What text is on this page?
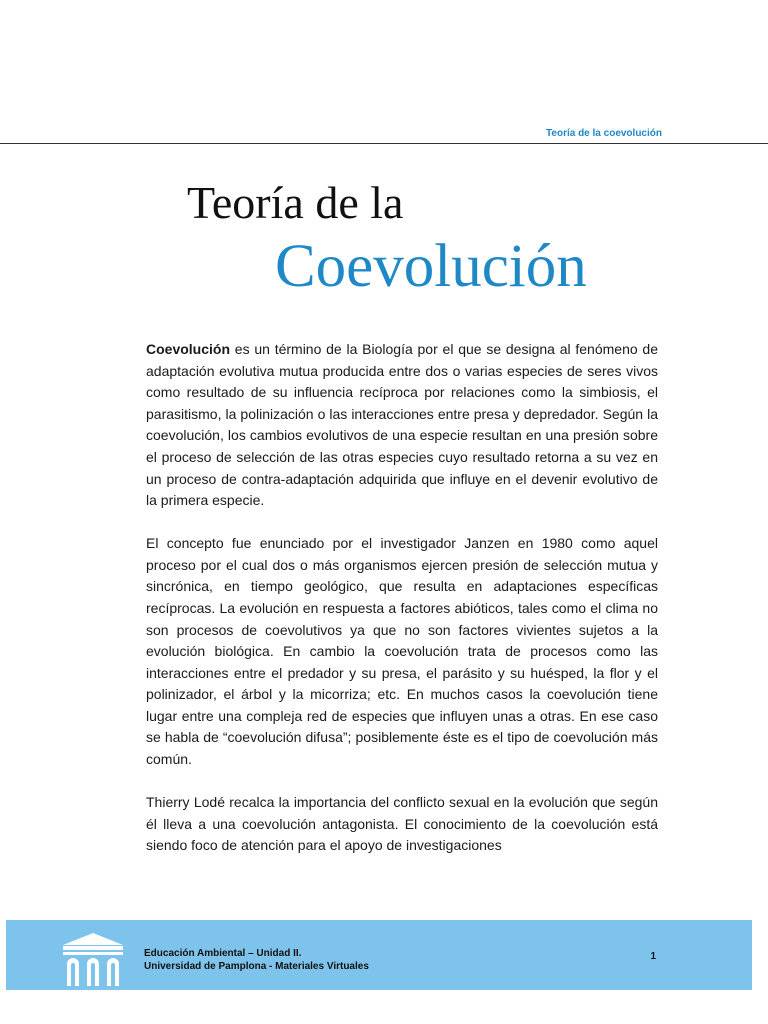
Teoría de la coevolución
Teoría de la
Coevolución

Coevolución es un término de la Biología por el que se designa al fenómeno de adaptación evolutiva mutua producida entre dos o varias especies de seres vivos como resultado de su influencia recíproca por relaciones como la simbiosis, el parasitismo, la polinización o las interacciones entre presa y depredador. Según la coevolución, los cambios evolutivos de una especie resultan en una presión sobre el proceso de selección de las otras especies cuyo resultado retorna a su vez en un proceso de contra-adaptación adquirida que influye en el devenir evolutivo de la primera especie.

El concepto fue enunciado por el investigador Janzen en 1980 como aquel proceso por el cual dos o más organismos ejercen presión de selección mutua y sincrónica, en tiempo geológico, que resulta en adaptaciones específicas recíprocas. La evolución en respuesta a factores abióticos, tales como el clima no son procesos de coevolutivos ya que no son factores vivientes sujetos a la evolución biológica. En cambio la coevolución trata de procesos como las interacciones entre el predador y su presa, el parásito y su huésped, la flor y el polinizador, el árbol y la micorriza; etc. En muchos casos la coevolución tiene lugar entre una compleja red de especies que influyen unas a otras. En ese caso se habla de “coevolución difusa”; posiblemente éste es el tipo de coevolución más común.

Thierry Lodé recalca la importancia del conflicto sexual en la evolución que según él lleva a una coevolución antagonista. El conocimiento de la coevolución está siendo foco de atención para el apoyo de investigaciones

Educación Ambiental – Unidad II.
Universidad de Pamplona - Materiales Virtuales
1
